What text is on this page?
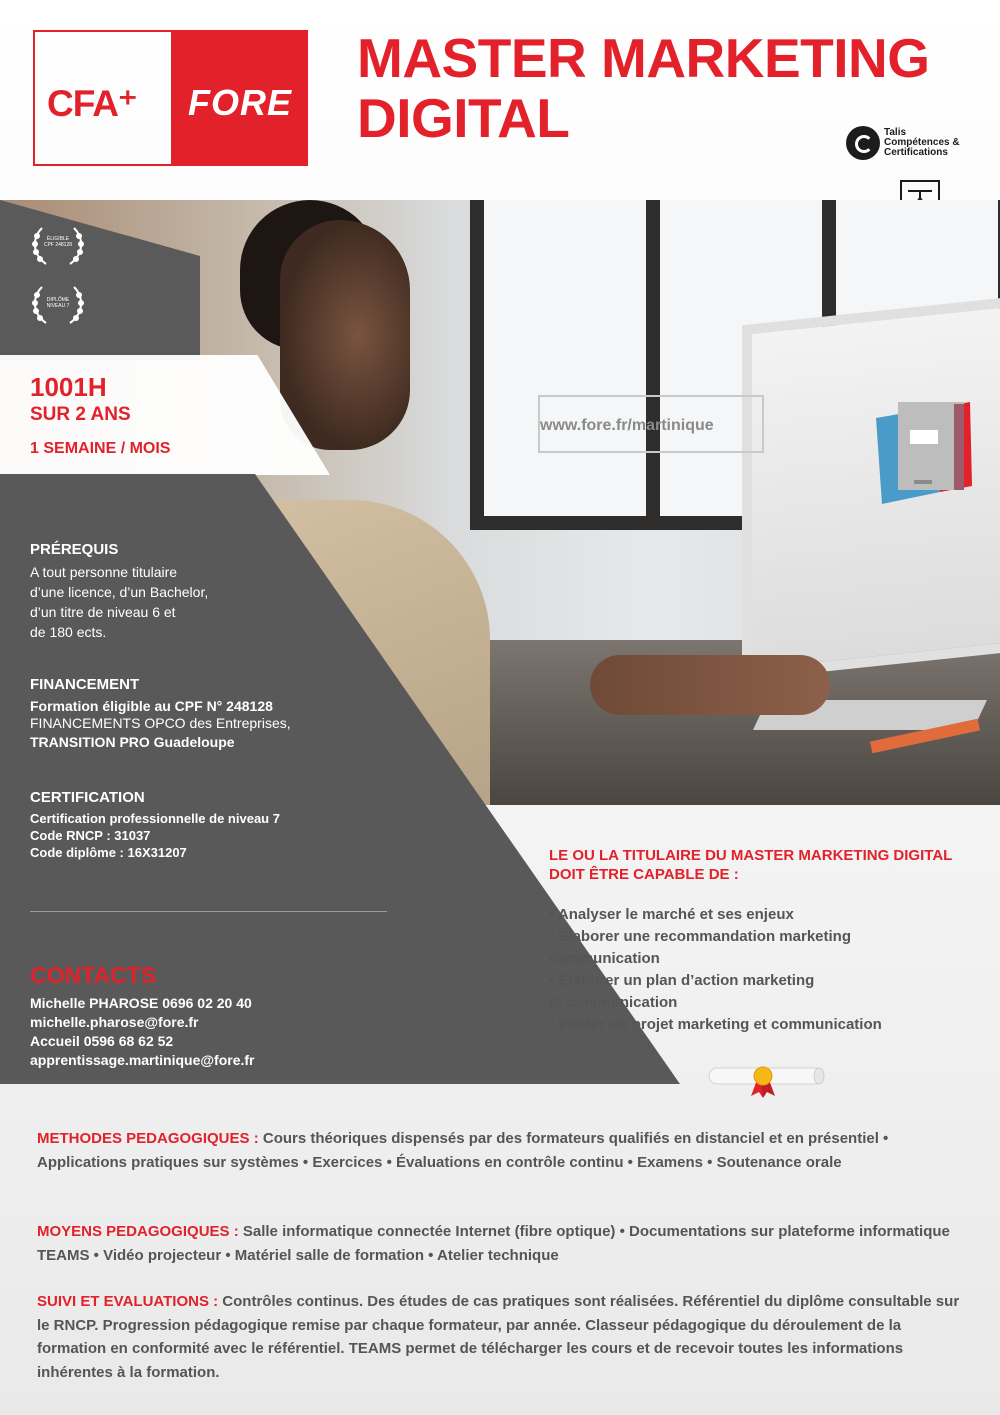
CFA⁺	FORE
MASTER MARKETING
DIGITAL	Talis Compétences & Certifications
ÉLIGIBLE CPF 248128
DIPLÔME NIVEAU 7
1001H
SUR 2 ANS
1 SEMAINE / MOIS
www.fore.fr/martinique
PRÉREQUIS
A tout personne titulaire
d’une licence, d’un Bachelor,
d’un titre de niveau 6 et
de 180 ects.
FINANCEMENT
Formation éligible au CPF N° 248128
FINANCEMENTS OPCO des Entreprises,
TRANSITION PRO Guadeloupe
CERTIFICATION
Certification professionnelle de niveau 7
Code RNCP : 31037
Code diplôme : 16X31207
CONTACTS
Michelle PHAROSE 0696 02 20 40
michelle.pharose@fore.fr
Accueil 0596 68 62 52
apprentissage.martinique@fore.fr
LE OU LA TITULAIRE DU MASTER MARKETING DIGITAL DOIT ÊTRE CAPABLE DE :
• Analyser le marché et ses enjeux
• Élaborer une recommandation marketing
communication
• Élaborer un plan d’action marketing
et communication
• Piloter un projet marketing et communication
METHODES PEDAGOGIQUES : Cours théoriques dispensés par des formateurs qualifiés en distanciel et en présentiel • Applications pratiques sur systèmes • Exercices • Évaluations en contrôle continu • Examens • Soutenance orale
MOYENS PEDAGOGIQUES : Salle informatique connectée Internet (fibre optique) • Documentations sur plateforme informatique TEAMS • Vidéo projecteur • Matériel salle de formation • Atelier technique
SUIVI ET EVALUATIONS : Contrôles continus. Des études de cas pratiques sont réalisées. Référentiel du diplôme consultable sur le RNCP. Progression pédagogique remise par chaque formateur, par année. Classeur pédagogique du déroulement de la formation en conformité avec le référentiel. TEAMS permet de télécharger les cours et de recevoir toutes les informations inhérentes à la formation.
